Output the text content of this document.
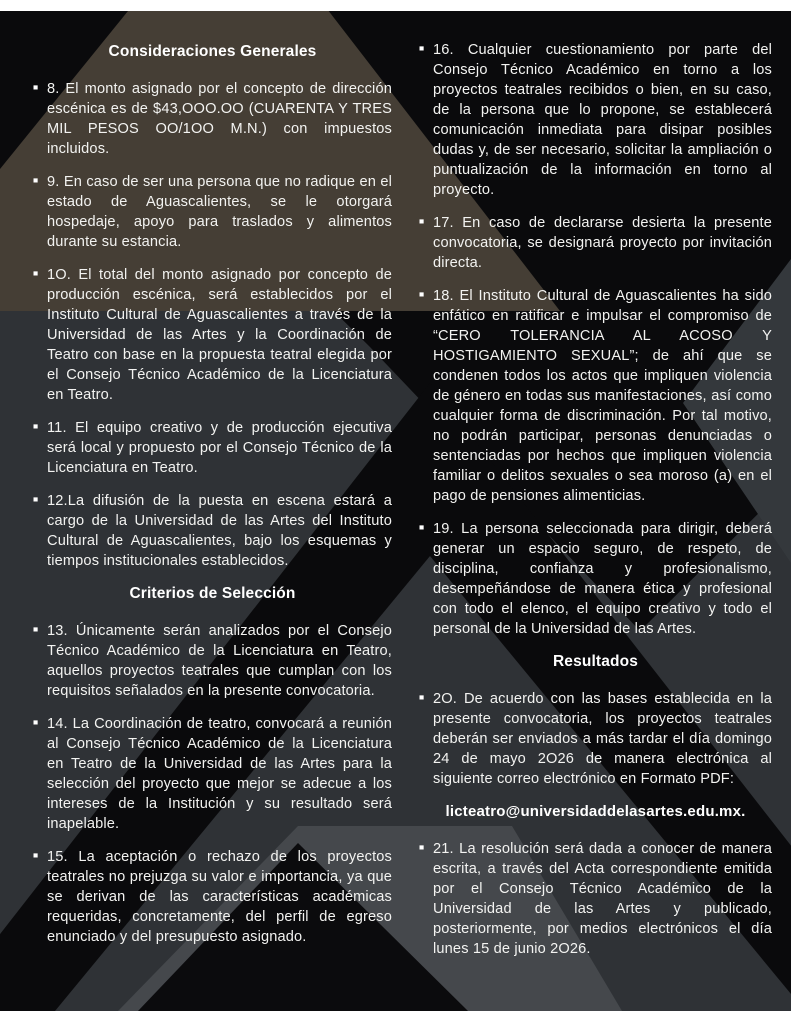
Consideraciones Generales

■ 8. El monto asignado por el concepto de dirección escénica es de $43,OOO.OO (CUARENTA Y TRES MIL PESOS OO/1OO M.N.) con impuestos incluidos.

■ 9. En caso de ser una persona que no radique en el estado de Aguascalientes, se le otorgará hospedaje, apoyo para traslados y alimentos durante su estancia.

■ 1O. El total del monto asignado por concepto de producción escénica, será establecidos por el Instituto Cultural de Aguascalientes a través de la Universidad de las Artes y la Coordinación de Teatro con base en la propuesta teatral elegida por el Consejo Técnico Académico de la Licenciatura en Teatro.

■ 11. El equipo creativo y de producción ejecutiva será local y propuesto por el Consejo Técnico de la Licenciatura en Teatro.

■ 12.La difusión de la puesta en escena estará a cargo de la Universidad de las Artes del Instituto Cultural de Aguascalientes, bajo los esquemas y tiempos institucionales establecidos.

Criterios de Selección

■ 13. Únicamente serán analizados por el Consejo Técnico Académico de la Licenciatura en Teatro, aquellos proyectos teatrales que cumplan con los requisitos señalados en la presente convocatoria.

■ 14. La Coordinación de teatro, convocará a reunión al Consejo Técnico Académico de la Licenciatura en Teatro de la Universidad de las Artes para la selección del proyecto que mejor se adecue a los intereses de la Institución y su resultado será inapelable.

■ 15. La aceptación o rechazo de los proyectos teatrales no prejuzga su valor e importancia, ya que se derivan de las características académicas requeridas, concretamente, del perfil de egreso enunciado y del presupuesto asignado.

■ 16. Cualquier cuestionamiento por parte del Consejo Técnico Académico en torno a los proyectos teatrales recibidos o bien, en su caso, de la persona que lo propone, se establecerá comunicación inmediata para disipar posibles dudas y, de ser necesario, solicitar la ampliación o puntualización de la información en torno al proyecto.

■ 17. En caso de declararse desierta la presente convocatoria, se designará proyecto por invitación directa.

■ 18. El Instituto Cultural de Aguascalientes ha sido enfático en ratificar e impulsar el compromiso de “CERO TOLERANCIA AL ACOSO Y HOSTIGAMIENTO SEXUAL”; de ahí que se condenen todos los actos que impliquen violencia de género en todas sus manifestaciones, así como cualquier forma de discriminación. Por tal motivo, no podrán participar, personas denunciadas o sentenciadas por hechos que impliquen violencia familiar o delitos sexuales o sea moroso (a) en el pago de pensiones alimenticias.

■ 19. La persona seleccionada para dirigir, deberá generar un espacio seguro, de respeto, de disciplina, confianza y profesionalismo, desempeñándose de manera ética y profesional con todo el elenco, el equipo creativo y todo el personal de la Universidad de las Artes.

Resultados

■ 2O. De acuerdo con las bases establecida en la presente convocatoria, los proyectos teatrales deberán ser enviados a más tardar el día domingo 24 de mayo 2O26 de manera electrónica al siguiente correo electrónico en Formato PDF:

licteatro@universidaddelasartes.edu.mx.

■ 21. La resolución será dada a conocer de manera escrita, a través del Acta correspondiente emitida por el Consejo Técnico Académico de la Universidad de las Artes y publicado, posteriormente, por medios electrónicos el día lunes 15 de junio 2O26.
